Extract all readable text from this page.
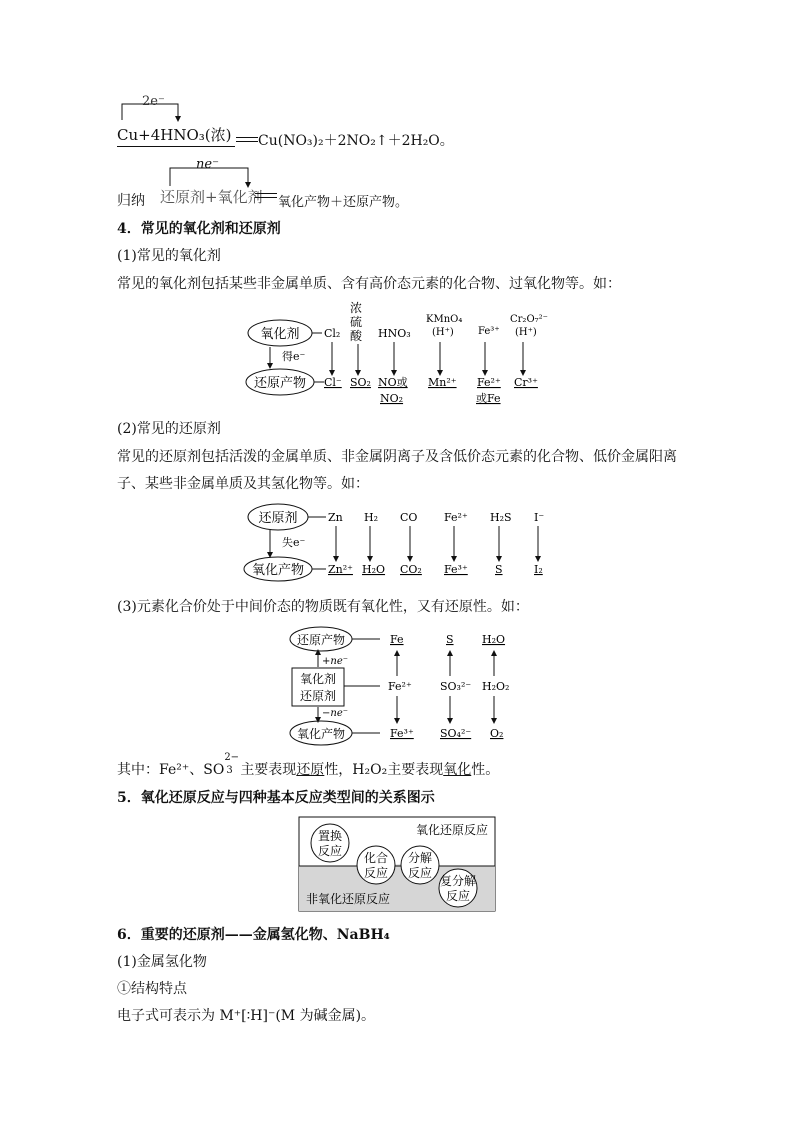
2e⁻
Cu+4HNO₃(浓) Cu(NO₃)₂＋2NO₂↑＋2H₂O。
归纳
ne⁻
还原剂+氧化剂 氧化产物＋还原产物。
4．常见的氧化剂和还原剂
(1)常见的氧化剂
常见的氧化剂包括某些非金属单质、含有高价态元素的化合物、过氧化物等。如：
氧化剂
还原产物
得e⁻
Cl₂
浓
硫
酸 HNO₃
KMnO₄
(H⁺) Fe³⁺
Cr₂O₇²⁻
(H⁺)
Cl⁻ SO₂ NO或
NO₂
Mn²⁺ Fe²⁺
或Fe
Cr³⁺
(2)常见的还原剂
常见的还原剂包括活泼的金属单质、非金属阴离子及含低价态元素的化合物、低价金属阳离
子、某些非金属单质及其氢化物等。如：
还原剂
氧化产物
失e⁻
Zn H₂ CO Fe²⁺ H₂S I⁻
Zn²⁺ H₂O CO₂ Fe³⁺ S	I₂
(3)元素化合价处于中间价态的物质既有氧化性，又有还原性。如：
还原产物
氧化剂
还原剂
氧化产物
+ne⁻
−ne⁻
Fe	S	H₂O
Fe²⁺	SO₃²⁻ H₂O₂
Fe³⁺ SO₄²⁻ O₂
其中：Fe²⁺、SO
2−
3 主要表现还原性，H₂O₂主要表现氧化性。
5．氧化还原反应与四种基本反应类型间的关系图示
氧化还原反应
非氧化还原反应
置换
反应 化合
反应
分解
反应
复分解
反应
6．重要的还原剂——金属氢化物、NaBH₄
(1)金属氢化物
①结构特点
电子式可表示为 M⁺[∶H]⁻(M 为碱金属)。
